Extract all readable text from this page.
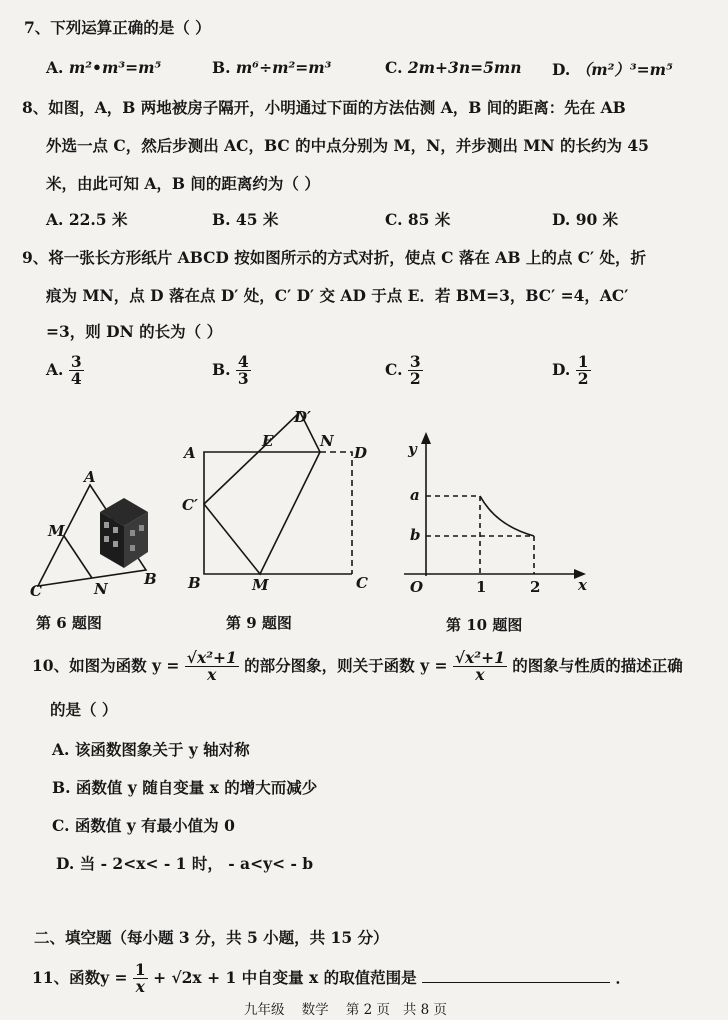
7、下列运算正确的是（ ）
A. m²•m³=m⁵	B. m⁶÷m²=m³	C. 2m+3n=5mn D. （m²）³=m⁵
8、如图，A，B 两地被房子隔开，小明通过下面的方法估测 A，B 间的距离：先在 AB
外选一点 C，然后步测出 AC，BC 的中点分别为 M，N，并步测出 MN 的长约为 45
米，由此可知 A，B 间的距离约为（ ）
A. 22.5 米	B. 45 米	C. 85 米	D. 90 米
9、将一张长方形纸片 ABCD 按如图所示的方式对折，使点 C 落在 AB 上的点 C′ 处，折
痕为 MN，点 D 落在点 D′ 处，C′ D′ 交 AD 于点 E．若 BM=3，BC′ =4，AC′
=3，则 DN 的长为（ ）
A. $\frac{3}{4}$	B. $\frac{4}{3}$	C. $\frac{3}{2}$	D. $\frac{1}{2}$
A
M
C	N
B
D′
E	N
A	D
C′
B	M	C
y
x
O
a
b
1	2
第 6 题图	第 9 题图	第 10 题图
10、如图为函数 $y = \frac{\text{√x²+1}}{x}$ 的部分图象，则关于函数 $y = \frac{\text{√x²+1}}{x}$ 的图象与性质的描述正确
的是（ ）
A. 该函数图象关于 y 轴对称
B. 函数值 y 随自变量 x 的增大而减少
C. 函数值 y 有最小值为 0
D. 当 - 2<x< - 1 时， - a<y< - b
二、填空题（每小题 3 分，共 5 小题，共 15 分）
11、函数$y = \frac{1}{x} + √2x + 1$ 中自变量 x 的取值范围是	．
九年级 数学 第 2 页 共 8 页
